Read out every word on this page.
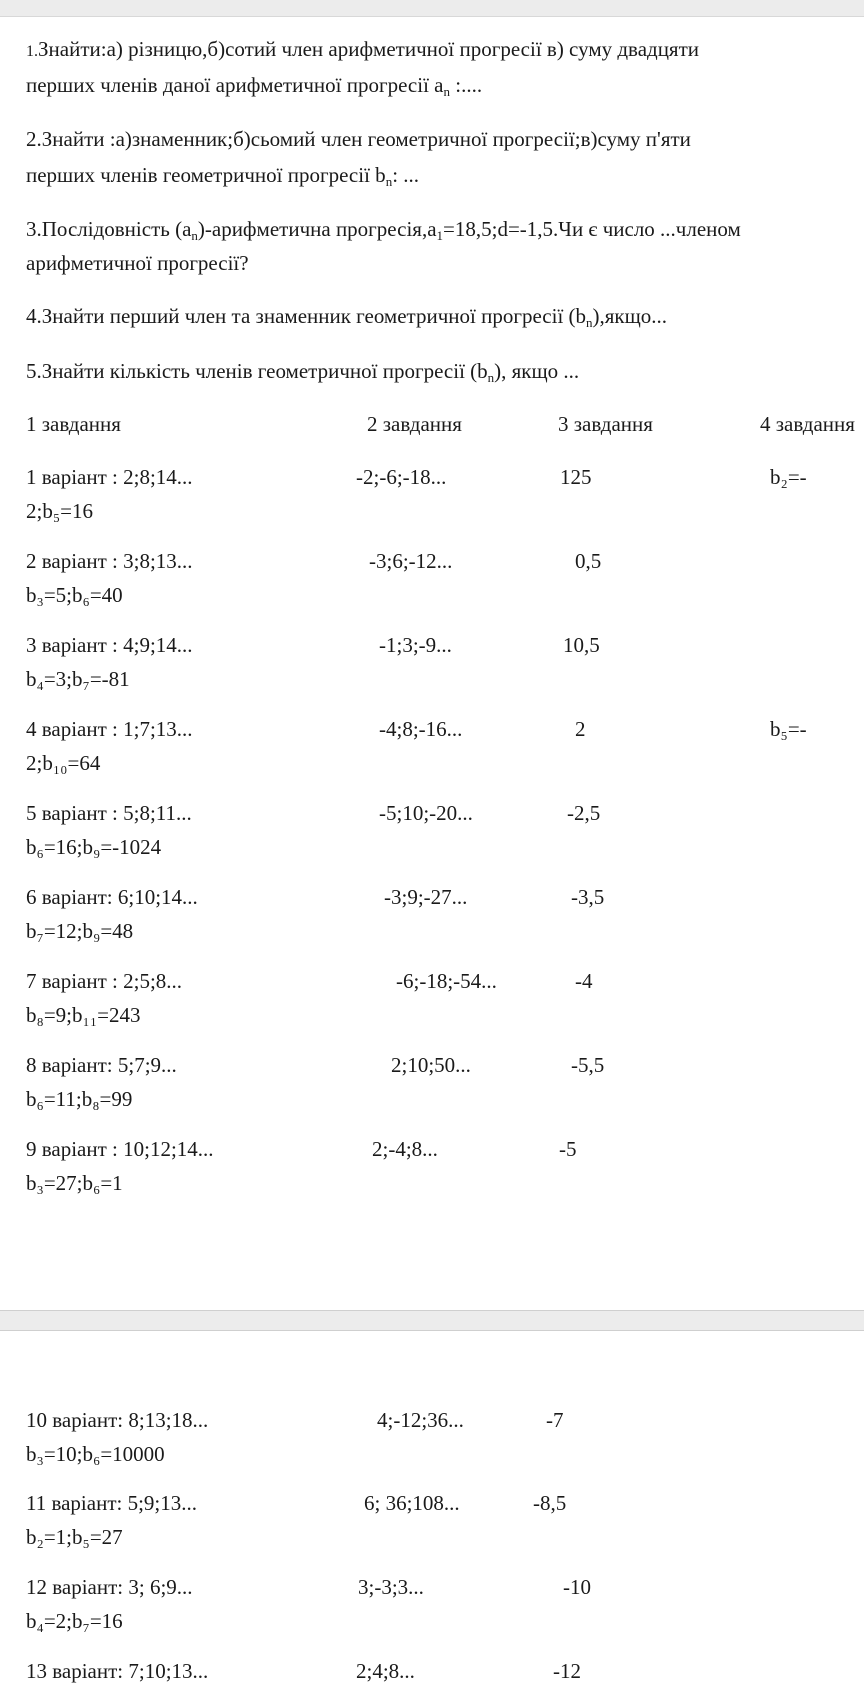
1.Знайти:а) різницю,б)сотий член арифметичної прогресії в) суму двадцяти
перших членів даної арифметичної прогресії $a_n$ :....
2.Знайти :а)знаменник;б)сьомий член геометричної прогресії;в)суму п'яти
перших членів геометричної прогресії $b_n$: ...
3.Послідовність $(a_n)$-арифметична $прогресія,a_1=18,5;d=-1,5.Чи$ є число ...членом
арифметичної прогресії?
4.Знайти перший член та знаменник геометричної прогресії $(b_n),якщо$...
5.Знайти кількість членів геометричної прогресії $(b_n)$, якщо ...
1 завдання	2 завдання	3 завдання	4 завдання
1 варіант : 2;8;14...	-2;-6;-18...	125	b₂=-
2;b₅=16
2 варіант : 3;8;13...	-3;6;-12...	0,5
b₃=5;b₆=40
3 варіант : 4;9;14...	-1;3;-9...	10,5
b₄=3;b₇=-81
4 варіант : 1;7;13...	-4;8;-16...	2	b₅=-
2;b₁₀=64
5 варіант : 5;8;11...	-5;10;-20...	-2,5
b₆=16;b₉=-1024
6 варіант: 6;10;14...	-3;9;-27...	-3,5
b₇=12;b₉=48
7 варіант : 2;5;8...	-6;-18;-54...	-4
b₈=9;b₁₁=243
8 варіант: 5;7;9...	2;10;50...	-5,5
b₆=11;b₈=99
9 варіант : 10;12;14...	2;-4;8...	-5
b₃=27;b₆=1
10 варіант: 8;13;18...	4;-12;36...	-7
b₃=10;b₆=10000
11 варіант: 5;9;13...	6; 36;108...	-8,5
b₂=1;b₅=27
12 варіант: 3; 6;9...	3;-3;3...	-10
b₄=2;b₇=16
13 варіант: 7;10;13...	2;4;8...	-12
